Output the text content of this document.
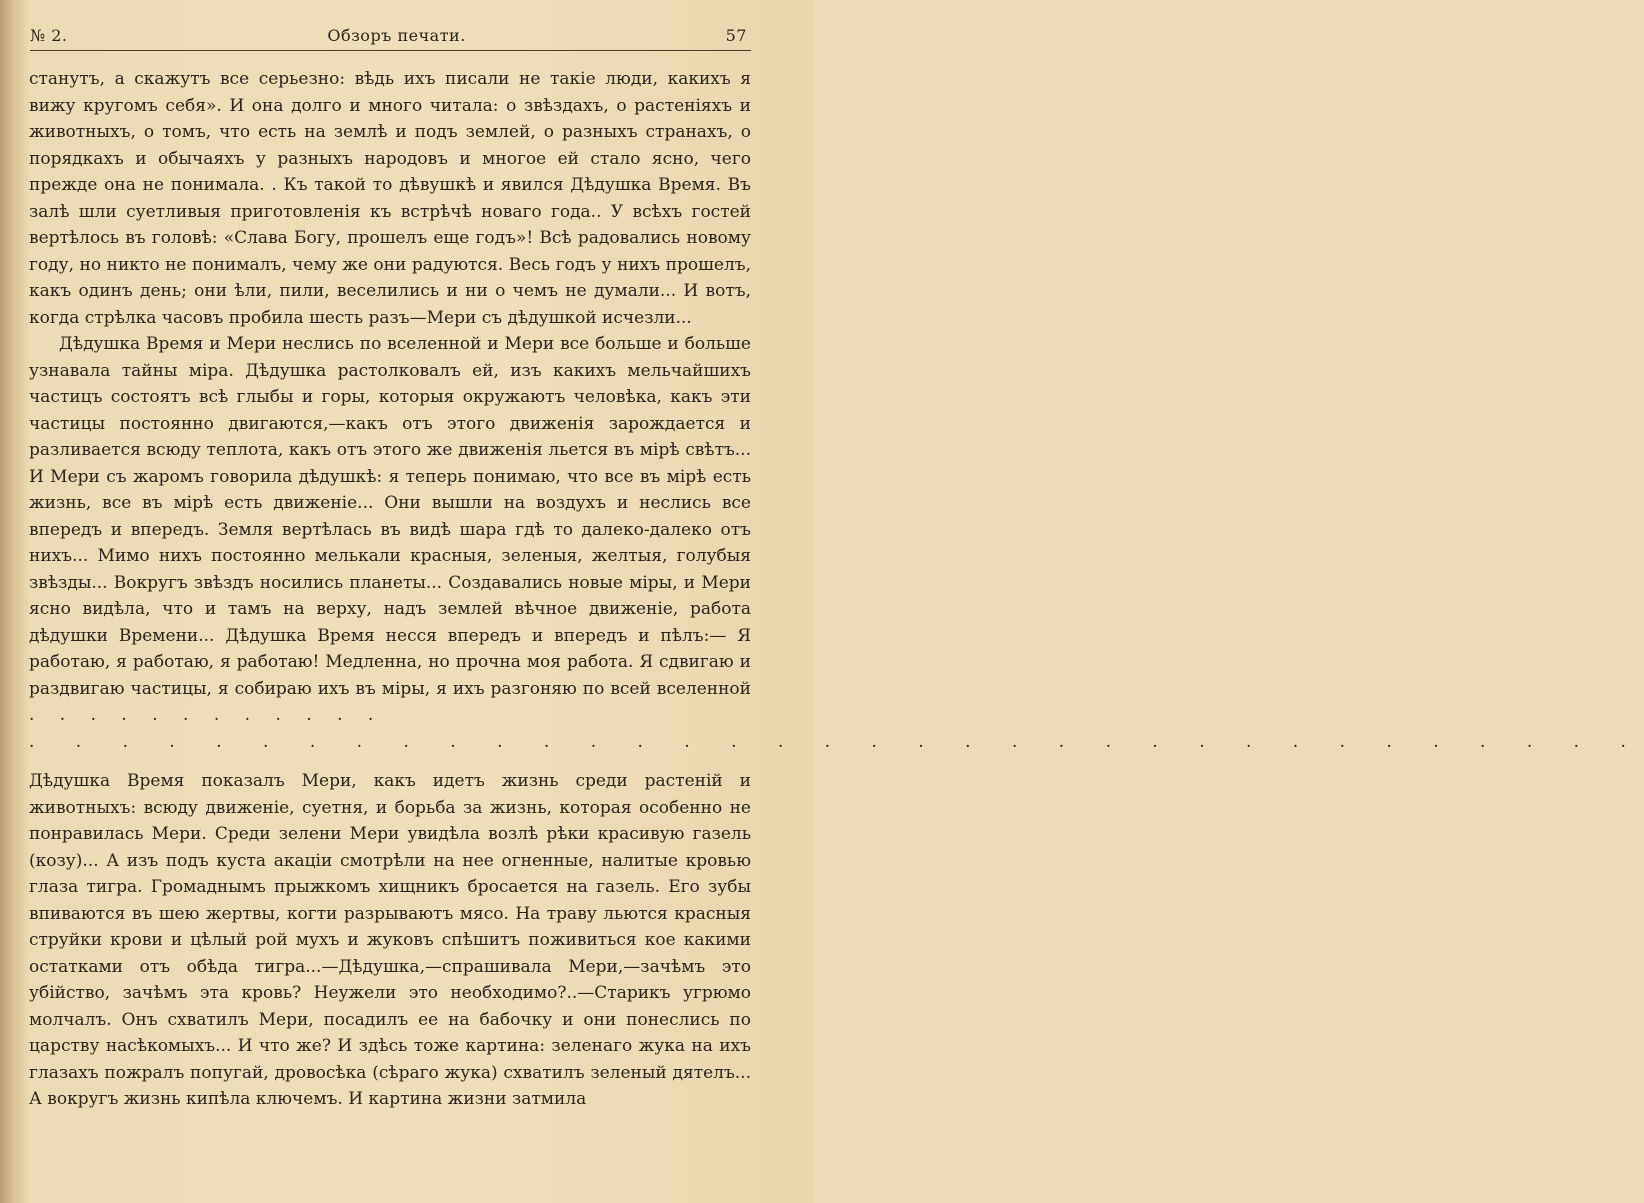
№ 2.	Обзоръ печати.	57

станутъ, а скажутъ все серьезно: вѣдь ихъ писали не такіе люди, какихъ я вижу кругомъ себя». И она долго и много читала: о звѣздахъ, о растеніяхъ и животныхъ, о томъ, что есть на землѣ и подъ землей, о разныхъ странахъ, о порядкахъ и обычаяхъ у разныхъ народовъ и многое ей стало ясно, чего прежде она не понимала. . Къ такой то дѣвушкѣ и явился Дѣдушка Время. Въ залѣ шли суетливыя приготовленія къ встрѣчѣ новаго года.. У всѣхъ гостей вертѣлось въ головѣ: «Слава Богу, прошелъ еще годъ»! Всѣ радовались новому году, но никто не понималъ, чему же они радуются. Весь годъ у нихъ прошелъ, какъ одинъ день; они ѣли, пили, веселились и ни о чемъ не думали... И вотъ, когда стрѣлка часовъ пробила шесть разъ—Мери съ дѣдушкой исчезли...

Дѣдушка Время и Мери неслись по вселенной и Мери все больше и больше узнавала тайны міра. Дѣдушка растолковалъ ей, изъ какихъ мельчайшихъ частицъ состоятъ всѣ глыбы и горы, которыя окружаютъ человѣка, какъ эти частицы постоянно двигаются,—какъ отъ этого движенія зарождается и разливается всюду теплота, какъ отъ этого же движенія льется въ мірѣ свѣтъ... И Мери съ жаромъ говорила дѣдушкѣ: я теперь понимаю, что все въ мірѣ есть жизнь, все въ мірѣ есть движеніе... Они вышли на воздухъ и неслись все впередъ и впередъ. Земля вертѣлась въ видѣ шара гдѣ то далеко-далеко отъ нихъ... Мимо нихъ постоянно мелькали красныя, зеленыя, желтыя, голубыя звѣзды... Вокругъ звѣздъ носились планеты... Создавались новые міры, и Мери ясно видѣла, что и тамъ на верху, надъ землей вѣчное движеніе, работа дѣдушки Времени... Дѣдушка Время несся впередъ и впередъ и пѣлъ:— Я работаю, я работаю, я работаю! Медленна, но прочна моя работа. Я сдвигаю и раздвигаю частицы, я собираю ихъ въ міры, я ихъ разгоняю по всей вселенной . . . . . . . . . . . .

. . . . . . . . . . . . . . . . . . . . . . . . . . . . . . . . . . .

Дѣдушка Время показалъ Мери, какъ идетъ жизнь среди растеній и животныхъ: всюду движеніе, суетня, и борьба за жизнь, которая особенно не понравилась Мери. Среди зелени Мери увидѣла возлѣ рѣки красивую газель (козу)... А изъ подъ куста акаціи смотрѣли на нее огненные, налитые кровью глаза тигра. Громаднымъ прыжкомъ хищникъ бросается на газель. Его зубы впиваются въ шею жертвы, когти разрываютъ мясо. На траву льются красныя струйки крови и цѣлый рой мухъ и жуковъ спѣшитъ поживиться кое какими остатками отъ обѣда тигра...—Дѣдушка,—спрашивала Мери,—зачѣмъ это убійство, зачѣмъ эта кровь? Неужели это необходимо?..—Старикъ угрюмо молчалъ. Онъ схватилъ Мери, посадилъ ее на бабочку и они понеслись по царству насѣкомыхъ... И что же? И здѣсь тоже картина: зеленаго жука на ихъ глазахъ пожралъ попугай, дровосѣка (сѣраго жука) схватилъ зеленый дятелъ... А вокругъ жизнь кипѣла ключемъ. И картина жизни затмила
